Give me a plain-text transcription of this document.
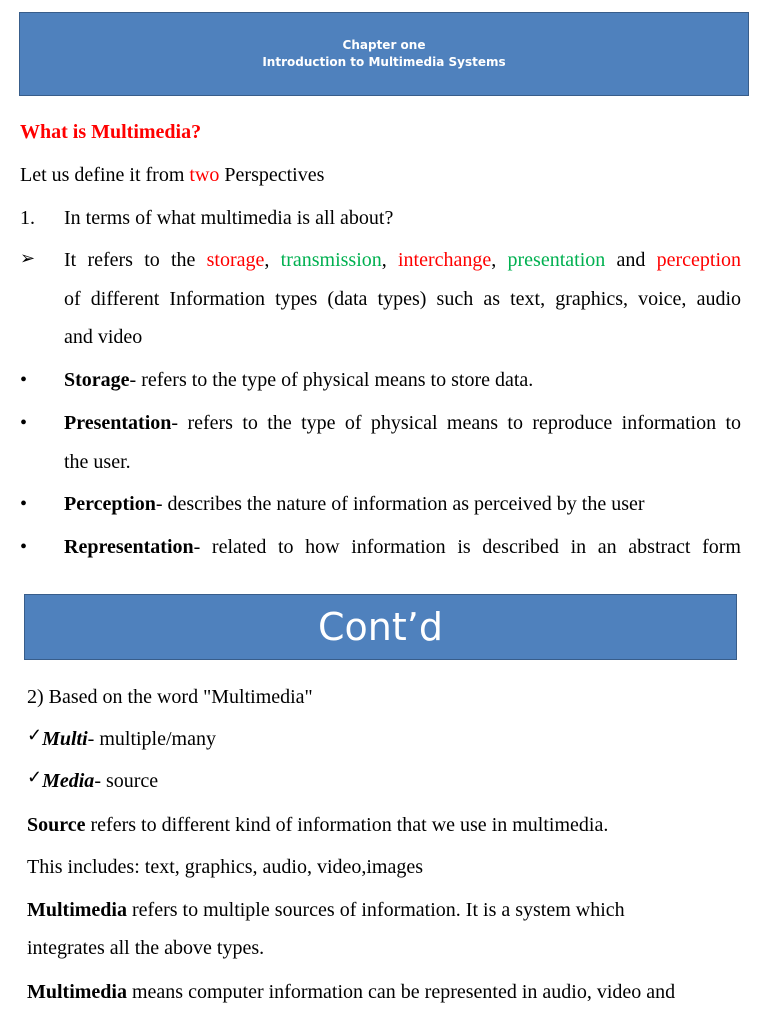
Chapter one
Introduction to Multimedia Systems
What is Multimedia?
Let us define it from two Perspectives
1. In terms of what multimedia is all about?
➢ It refers to the storage, transmission, interchange, presentation and perception
of different Information types (data types) such as text, graphics, voice, audio
and video
• Storage- refers to the type of physical means to store data.
• Presentation- refers to the type of physical means to reproduce information to
the user.
• Perception- describes the nature of information as perceived by the user
• Representation- related to how information is described in an abstract form
Cont’d
2) Based on the word "Multimedia"
✓Multi- multiple/many
✓Media- source
Source refers to different kind of information that we use in multimedia.
This includes: text, graphics, audio, video,images
Multimedia refers to multiple sources of information. It is a system which
integrates all the above types.
Multimedia means computer information can be represented in audio, video and
